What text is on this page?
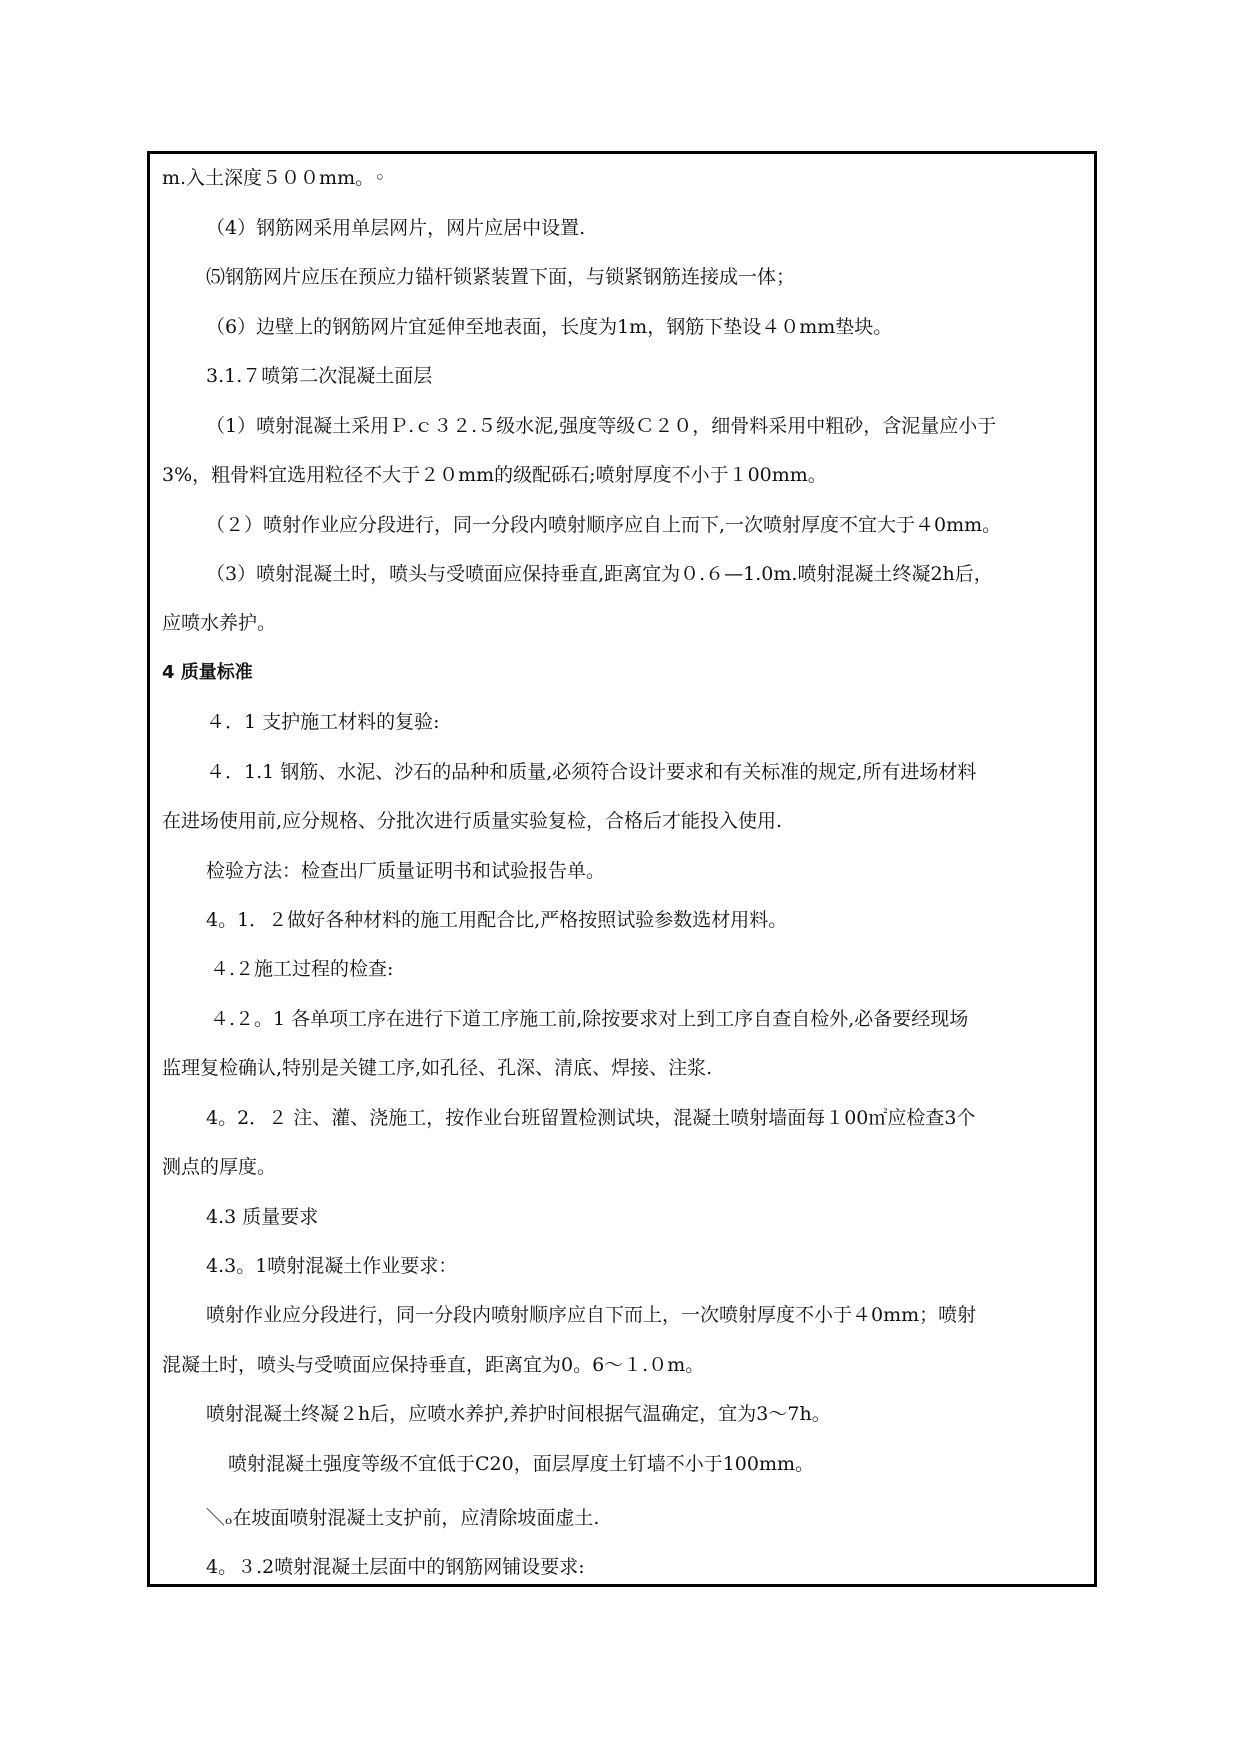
m.入土深度５００mm。◦
（4）钢筋网采用单层网片，网片应居中设置.
⑸钢筋网片应压在预应力锚杆锁紧装置下面，与锁紧钢筋连接成一体；
（6）边壁上的钢筋网片宜延伸至地表面，长度为1m，钢筋下垫设４０mm垫块。
3.1.７喷第二次混凝土面层
（1）喷射混凝土采用Ｐ.ｃ３２.５级水泥,强度等级Ｃ２０，细骨料采用中粗砂，含泥量应小于
3%，粗骨料宜选用粒径不大于２０mm的级配砾石;喷射厚度不小于１00mm。
（２）喷射作业应分段进行，同一分段内喷射顺序应自上而下,一次喷射厚度不宜大于４0mm。
（3）喷射混凝土时，喷头与受喷面应保持垂直,距离宜为０.６—1.0m.喷射混凝土终凝2h后，
应喷水养护。
4 质量标准
４．1 支护施工材料的复验:
４．1.1 钢筋、水泥、沙石的品种和质量,必须符合设计要求和有关标准的规定,所有进场材料
在进场使用前,应分规格、分批次进行质量实验复检，合格后才能投入使用.
检验方法：检查出厂质量证明书和试验报告单。
4。1．２做好各种材料的施工用配合比,严格按照试验参数选材用料。
４.２施工过程的检查:
４.２。1 各单项工序在进行下道工序施工前,除按要求对上到工序自查自检外,必备要经现场
监理复检确认,特别是关键工序,如孔径、孔深、清底、焊接、注浆.
4。2．２ 注、灌、浇施工，按作业台班留置检测试块，混凝土喷射墙面每１00㎡应检查3个
测点的厚度。
4.3 质量要求
4.3。1喷射混凝土作业要求：
喷射作业应分段进行，同一分段内喷射顺序应自下而上，一次喷射厚度不小于４0mm；喷射
混凝土时，喷头与受喷面应保持垂直，距离宜为0。6～１.０m。
喷射混凝土终凝２h后，应喷水养护,养护时间根据气温确定，宜为3～7h。
喷射混凝土强度等级不宜低于C20，面层厚度土钉墙不小于100mm。
＼ₒ在坡面喷射混凝土支护前，应清除坡面虚土.
4。３.2喷射混凝土层面中的钢筋网铺设要求:
